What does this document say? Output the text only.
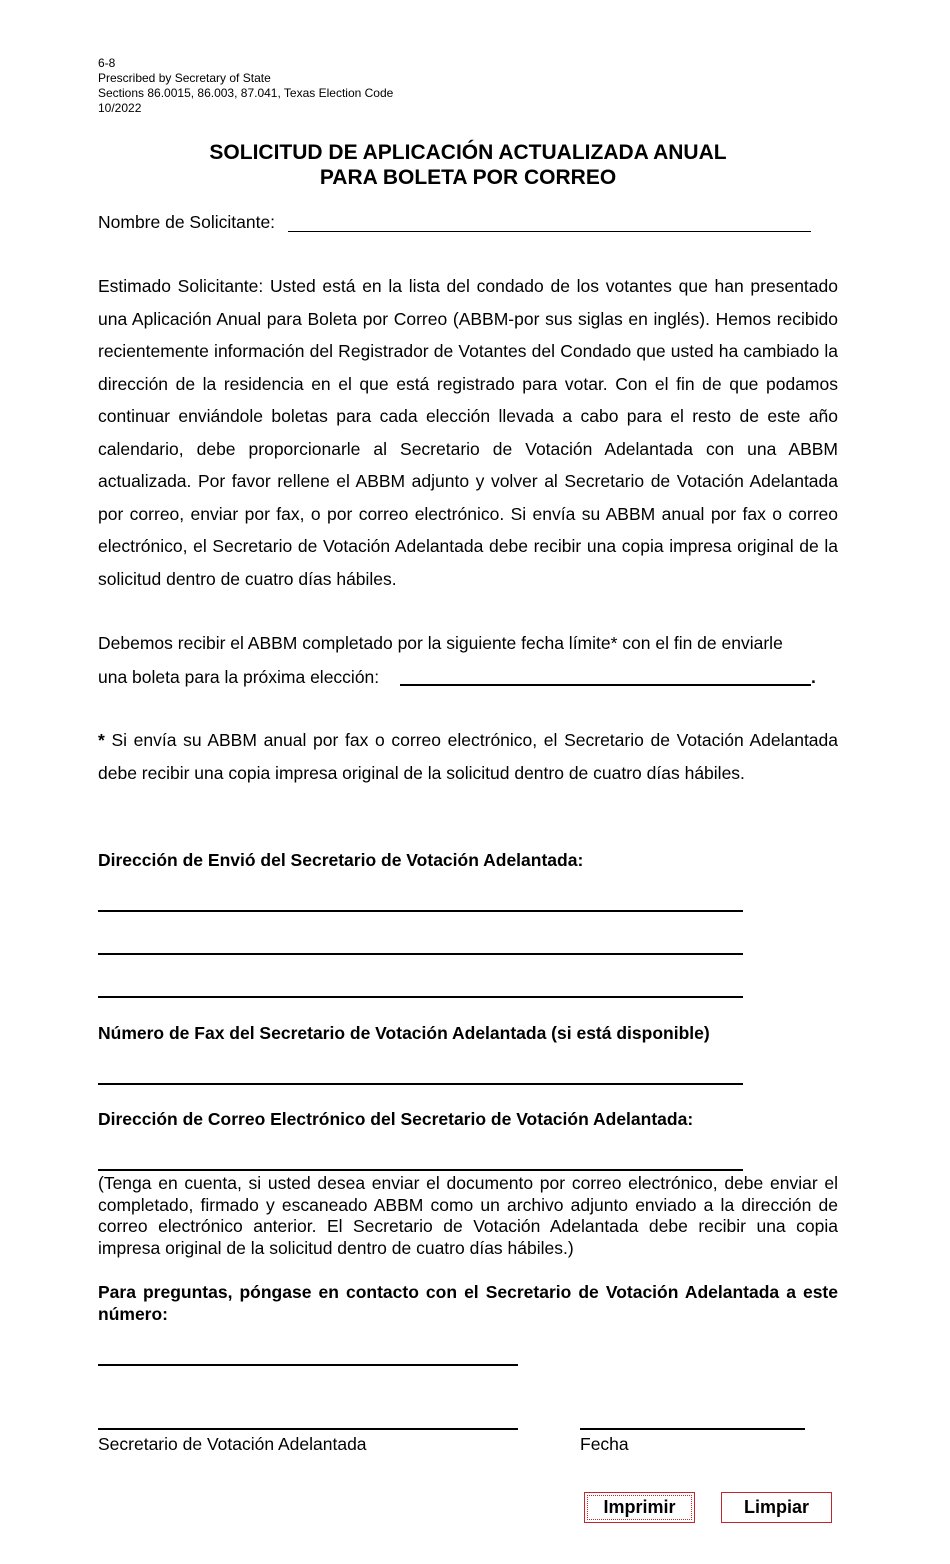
6-8
Prescribed by Secretary of State
Sections 86.0015, 86.003, 87.041, Texas Election Code
10/2022
SOLICITUD DE APLICACIÓN ACTUALIZADA ANUAL
PARA BOLETA POR CORREO
Nombre de Solicitante:
Estimado Solicitante: Usted está en la lista del condado de los votantes que han presentado una Aplicación Anual para Boleta por Correo (ABBM-por sus siglas en inglés). Hemos recibido recientemente información del Registrador de Votantes del Condado que usted ha cambiado la dirección de la residencia en el que está registrado para votar. Con el fin de que podamos continuar enviándole boletas para cada elección llevada a cabo para el resto de este año calendario, debe proporcionarle al Secretario de Votación Adelantada con una ABBM actualizada. Por favor rellene el ABBM adjunto y volver al Secretario de Votación Adelantada por correo, enviar por fax, o por correo electrónico. Si envía su ABBM anual por fax o correo electrónico, el Secretario de Votación Adelantada debe recibir una copia impresa original de la solicitud dentro de cuatro días hábiles.
Debemos recibir el ABBM completado por la siguiente fecha límite* con el fin de enviarle
una boleta para la próxima elección:	.
* Si envía su ABBM anual por fax o correo electrónico, el Secretario de Votación Adelantada debe recibir una copia impresa original de la solicitud dentro de cuatro días hábiles.
Dirección de Envió del Secretario de Votación Adelantada:
Número de Fax del Secretario de Votación Adelantada (si está disponible)
Dirección de Correo Electrónico del Secretario de Votación Adelantada:
(Tenga en cuenta, si usted desea enviar el documento por correo electrónico, debe enviar el completado, firmado y escaneado ABBM como un archivo adjunto enviado a la dirección de correo electrónico anterior. El Secretario de Votación Adelantada debe recibir una copia impresa original de la solicitud dentro de cuatro días hábiles.)
Para preguntas, póngase en contacto con el Secretario de Votación Adelantada a este número:
Secretario de Votación Adelantada	Fecha
Imprimir	Limpiar
